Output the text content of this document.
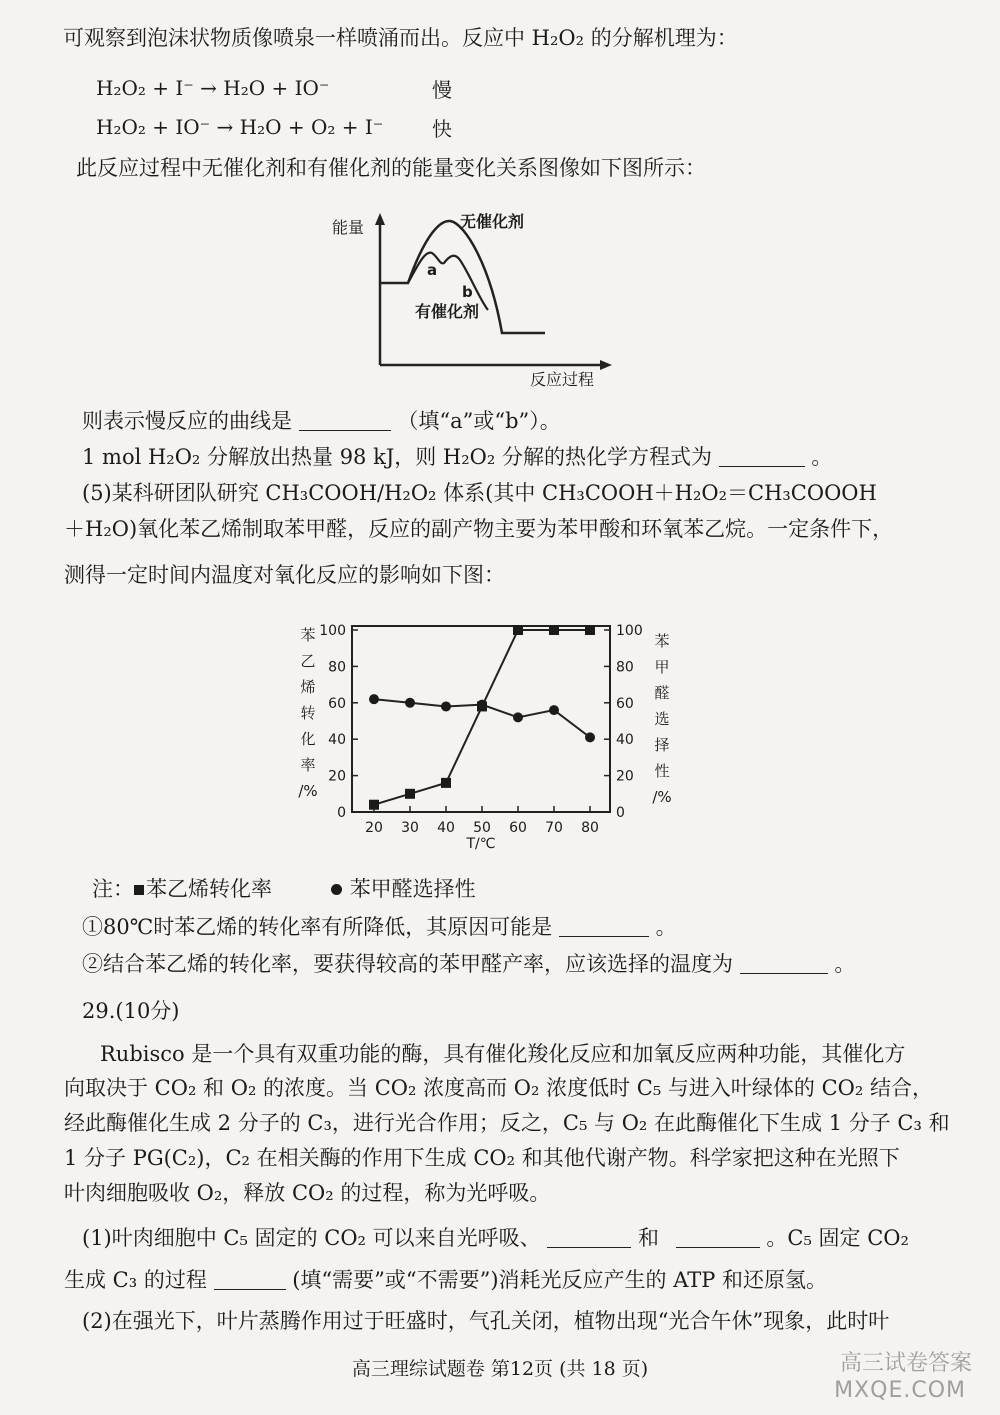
可观察到泡沫状物质像喷泉一样喷涌而出。反应中 H₂O₂ 的分解机理为：
H₂O₂ + I⁻ → H₂O + IO⁻	慢
H₂O₂ + IO⁻ → H₂O + O₂ + I⁻ 快
此反应过程中无催化剂和有催化剂的能量变化关系图像如下图所示：
能量	无催化剂
有催化剂
a
b
反应过程
则表示慢反应的曲线是	（填“a”或“b”）。
1 mol H₂O₂ 分解放出热量 98 kJ，则 H₂O₂ 分解的热化学方程式为	。
(5)某科研团队研究 CH₃COOH/H₂O₂ 体系(其中 CH₃COOH＋H₂O₂＝CH₃COOOH
＋H₂O)氧化苯乙烯制取苯甲醛，反应的副产物主要为苯甲酸和环氧苯乙烷。一定条件下，
测得一定时间内温度对氧化反应的影响如下图：
0
20
40
60
80
100
0
20
40
60
80
100
20 30 40 50 60 70 80
T/℃
苯
乙
烯
转
化
率
/%
苯
甲
醛
选
择
性
/%
注： 苯乙烯转化率	苯甲醛选择性
①80℃时苯乙烯的转化率有所降低，其原因可能是	。
②结合苯乙烯的转化率，要获得较高的苯甲醛产率，应该选择的温度为	。
29.(10分)
Rubisco 是一个具有双重功能的酶，具有催化羧化反应和加氧反应两种功能，其催化方
向取决于 CO₂ 和 O₂ 的浓度。当 CO₂ 浓度高而 O₂ 浓度低时 C₅ 与进入叶绿体的 CO₂ 结合，
经此酶催化生成 2 分子的 C₃，进行光合作用；反之，C₅ 与 O₂ 在此酶催化下生成 1 分子 C₃ 和
1 分子 PG(C₂)，C₂ 在相关酶的作用下生成 CO₂ 和其他代谢产物。科学家把这种在光照下
叶肉细胞吸收 O₂，释放 CO₂ 的过程，称为光呼吸。
(1)叶肉细胞中 C₅ 固定的 CO₂ 可以来自光呼吸、	和	。C₅ 固定 CO₂
生成 C₃ 的过程	(填“需要”或“不需要”)消耗光反应产生的 ATP 和还原氢。
(2)在强光下，叶片蒸腾作用过于旺盛时，气孔关闭，植物出现“光合午休”现象，此时叶
高三理综试题卷 第12页 (共 18 页)	高三试卷答案
MXQE.COM
